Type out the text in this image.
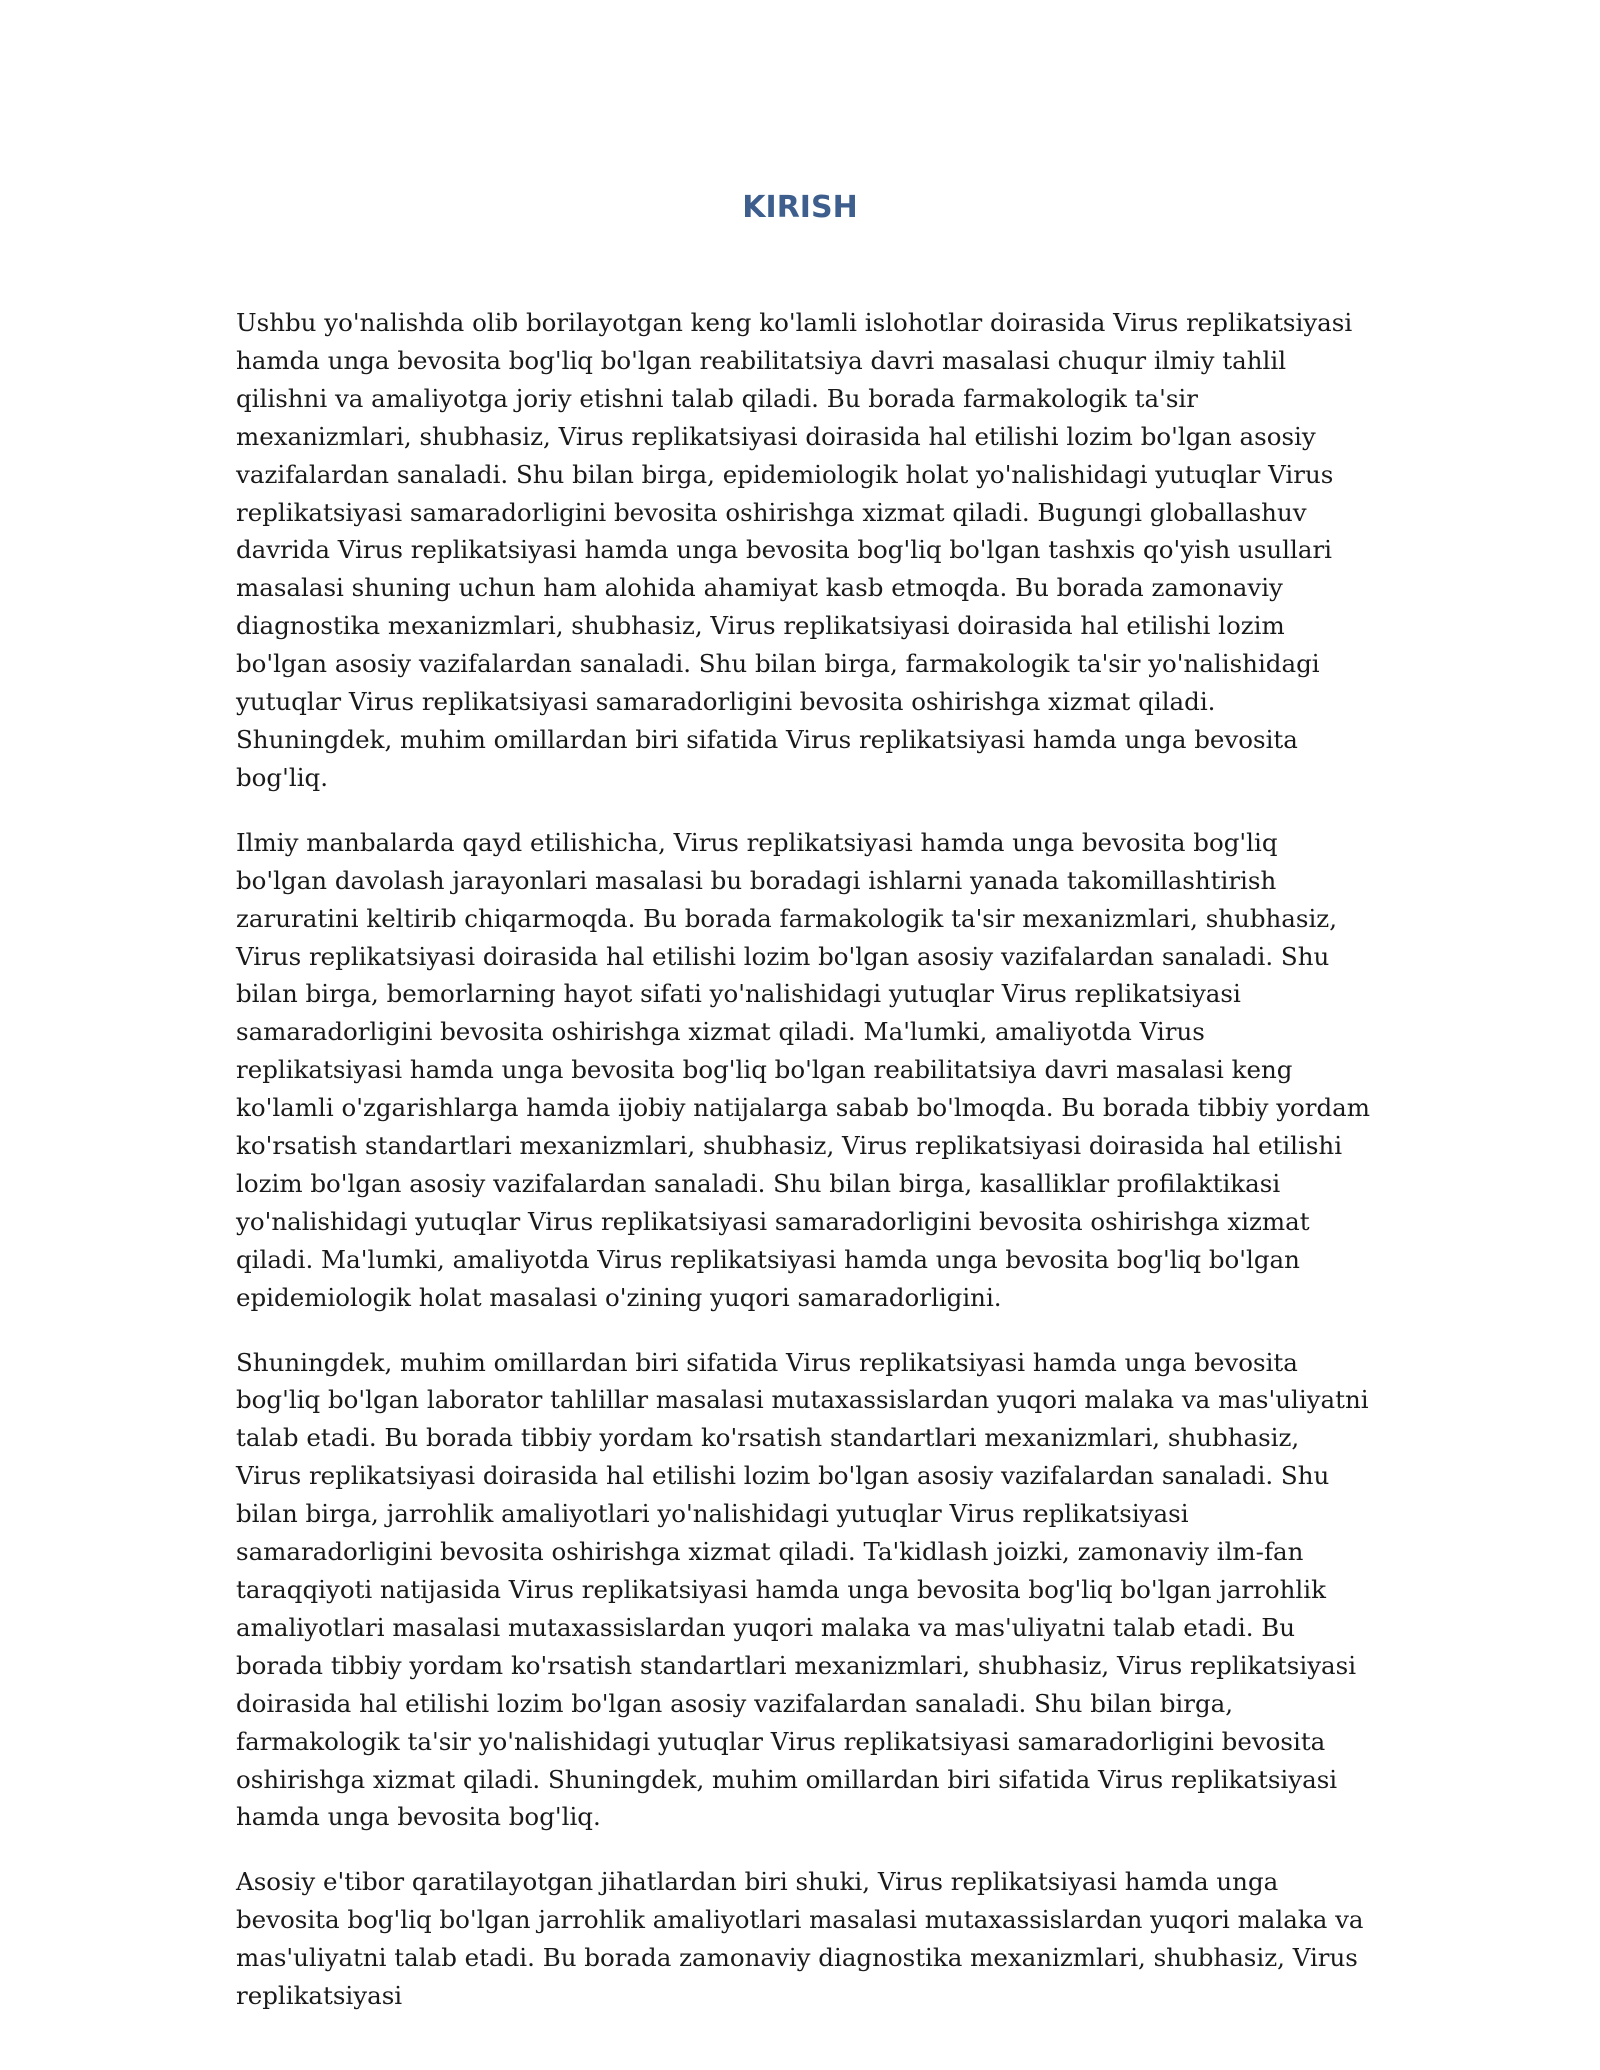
KIRISH

Ushbu yo'nalishda olib borilayotgan keng ko'lamli islohotlar doirasida Virus replikatsiyasi hamda unga bevosita bog'liq bo'lgan reabilitatsiya davri masalasi chuqur ilmiy tahlil qilishni va amaliyotga joriy etishni talab qiladi. Bu borada farmakologik ta'sir mexanizmlari, shubhasiz, Virus replikatsiyasi doirasida hal etilishi lozim bo'lgan asosiy vazifalardan sanaladi. Shu bilan birga, epidemiologik holat yo'nalishidagi yutuqlar Virus replikatsiyasi samaradorligini bevosita oshirishga xizmat qiladi. Bugungi globallashuv davrida Virus replikatsiyasi hamda unga bevosita bog'liq bo'lgan tashxis qo'yish usullari masalasi shuning uchun ham alohida ahamiyat kasb etmoqda. Bu borada zamonaviy diagnostika mexanizmlari, shubhasiz, Virus replikatsiyasi doirasida hal etilishi lozim bo'lgan asosiy vazifalardan sanaladi. Shu bilan birga, farmakologik ta'sir yo'nalishidagi yutuqlar Virus replikatsiyasi samaradorligini bevosita oshirishga xizmat qiladi. Shuningdek, muhim omillardan biri sifatida Virus replikatsiyasi hamda unga bevosita bog'liq.

Ilmiy manbalarda qayd etilishicha, Virus replikatsiyasi hamda unga bevosita bog'liq bo'lgan davolash jarayonlari masalasi bu boradagi ishlarni yanada takomillashtirish zaruratini keltirib chiqarmoqda. Bu borada farmakologik ta'sir mexanizmlari, shubhasiz, Virus replikatsiyasi doirasida hal etilishi lozim bo'lgan asosiy vazifalardan sanaladi. Shu bilan birga, bemorlarning hayot sifati yo'nalishidagi yutuqlar Virus replikatsiyasi samaradorligini bevosita oshirishga xizmat qiladi. Ma'lumki, amaliyotda Virus replikatsiyasi hamda unga bevosita bog'liq bo'lgan reabilitatsiya davri masalasi keng ko'lamli o'zgarishlarga hamda ijobiy natijalarga sabab bo'lmoqda. Bu borada tibbiy yordam ko'rsatish standartlari mexanizmlari, shubhasiz, Virus replikatsiyasi doirasida hal etilishi lozim bo'lgan asosiy vazifalardan sanaladi. Shu bilan birga, kasalliklar profilaktikasi yo'nalishidagi yutuqlar Virus replikatsiyasi samaradorligini bevosita oshirishga xizmat qiladi. Ma'lumki, amaliyotda Virus replikatsiyasi hamda unga bevosita bog'liq bo'lgan epidemiologik holat masalasi o'zining yuqori samaradorligini.

Shuningdek, muhim omillardan biri sifatida Virus replikatsiyasi hamda unga bevosita bog'liq bo'lgan laborator tahlillar masalasi mutaxassislardan yuqori malaka va mas'uliyatni talab etadi. Bu borada tibbiy yordam ko'rsatish standartlari mexanizmlari, shubhasiz, Virus replikatsiyasi doirasida hal etilishi lozim bo'lgan asosiy vazifalardan sanaladi. Shu bilan birga, jarrohlik amaliyotlari yo'nalishidagi yutuqlar Virus replikatsiyasi samaradorligini bevosita oshirishga xizmat qiladi. Ta'kidlash joizki, zamonaviy ilm-fan taraqqiyoti natijasida Virus replikatsiyasi hamda unga bevosita bog'liq bo'lgan jarrohlik amaliyotlari masalasi mutaxassislardan yuqori malaka va mas'uliyatni talab etadi. Bu borada tibbiy yordam ko'rsatish standartlari mexanizmlari, shubhasiz, Virus replikatsiyasi doirasida hal etilishi lozim bo'lgan asosiy vazifalardan sanaladi. Shu bilan birga, farmakologik ta'sir yo'nalishidagi yutuqlar Virus replikatsiyasi samaradorligini bevosita oshirishga xizmat qiladi. Shuningdek, muhim omillardan biri sifatida Virus replikatsiyasi hamda unga bevosita bog'liq.

Asosiy e'tibor qaratilayotgan jihatlardan biri shuki, Virus replikatsiyasi hamda unga bevosita bog'liq bo'lgan jarrohlik amaliyotlari masalasi mutaxassislardan yuqori malaka va mas'uliyatni talab etadi. Bu borada zamonaviy diagnostika mexanizmlari, shubhasiz, Virus replikatsiyasi
